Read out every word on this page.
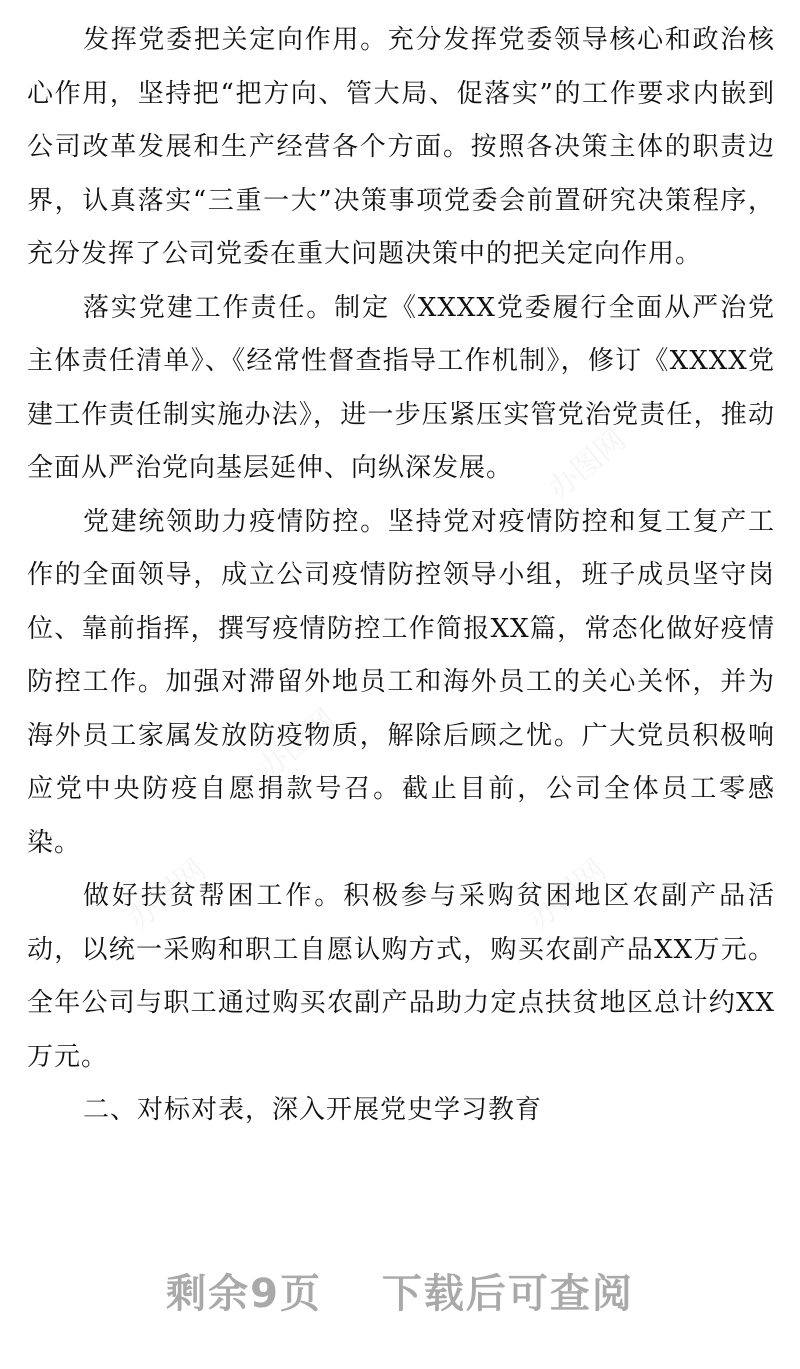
发挥党委把关定向作用。充分发挥党委领导核心和政治核心作用，坚持把“把方向、管大局、促落实”的工作要求内嵌到公司改革发展和生产经营各个方面。按照各决策主体的职责边界，认真落实“三重一大”决策事项党委会前置研究决策程序，充分发挥了公司党委在重大问题决策中的把关定向作用。

落实党建工作责任。制定《XXXX党委履行全面从严治党主体责任清单》、《经常性督查指导工作机制》，修订《XXXX党建工作责任制实施办法》，进一步压紧压实管党治党责任，推动全面从严治党向基层延伸、向纵深发展。

党建统领助力疫情防控。坚持党对疫情防控和复工复产工作的全面领导，成立公司疫情防控领导小组，班子成员坚守岗位、靠前指挥，撰写疫情防控工作简报XX篇，常态化做好疫情防控工作。加强对滞留外地员工和海外员工的关心关怀，并为海外员工家属发放防疫物质，解除后顾之忧。广大党员积极响应党中央防疫自愿捐款号召。截止目前，公司全体员工零感染。

做好扶贫帮困工作。积极参与采购贫困地区农副产品活动，以统一采购和职工自愿认购方式，购买农副产品XX万元。全年公司与职工通过购买农副产品助力定点扶贫地区总计约XX万元。

二、对标对表，深入开展党史学习教育

剩余9页 下载后可查阅
